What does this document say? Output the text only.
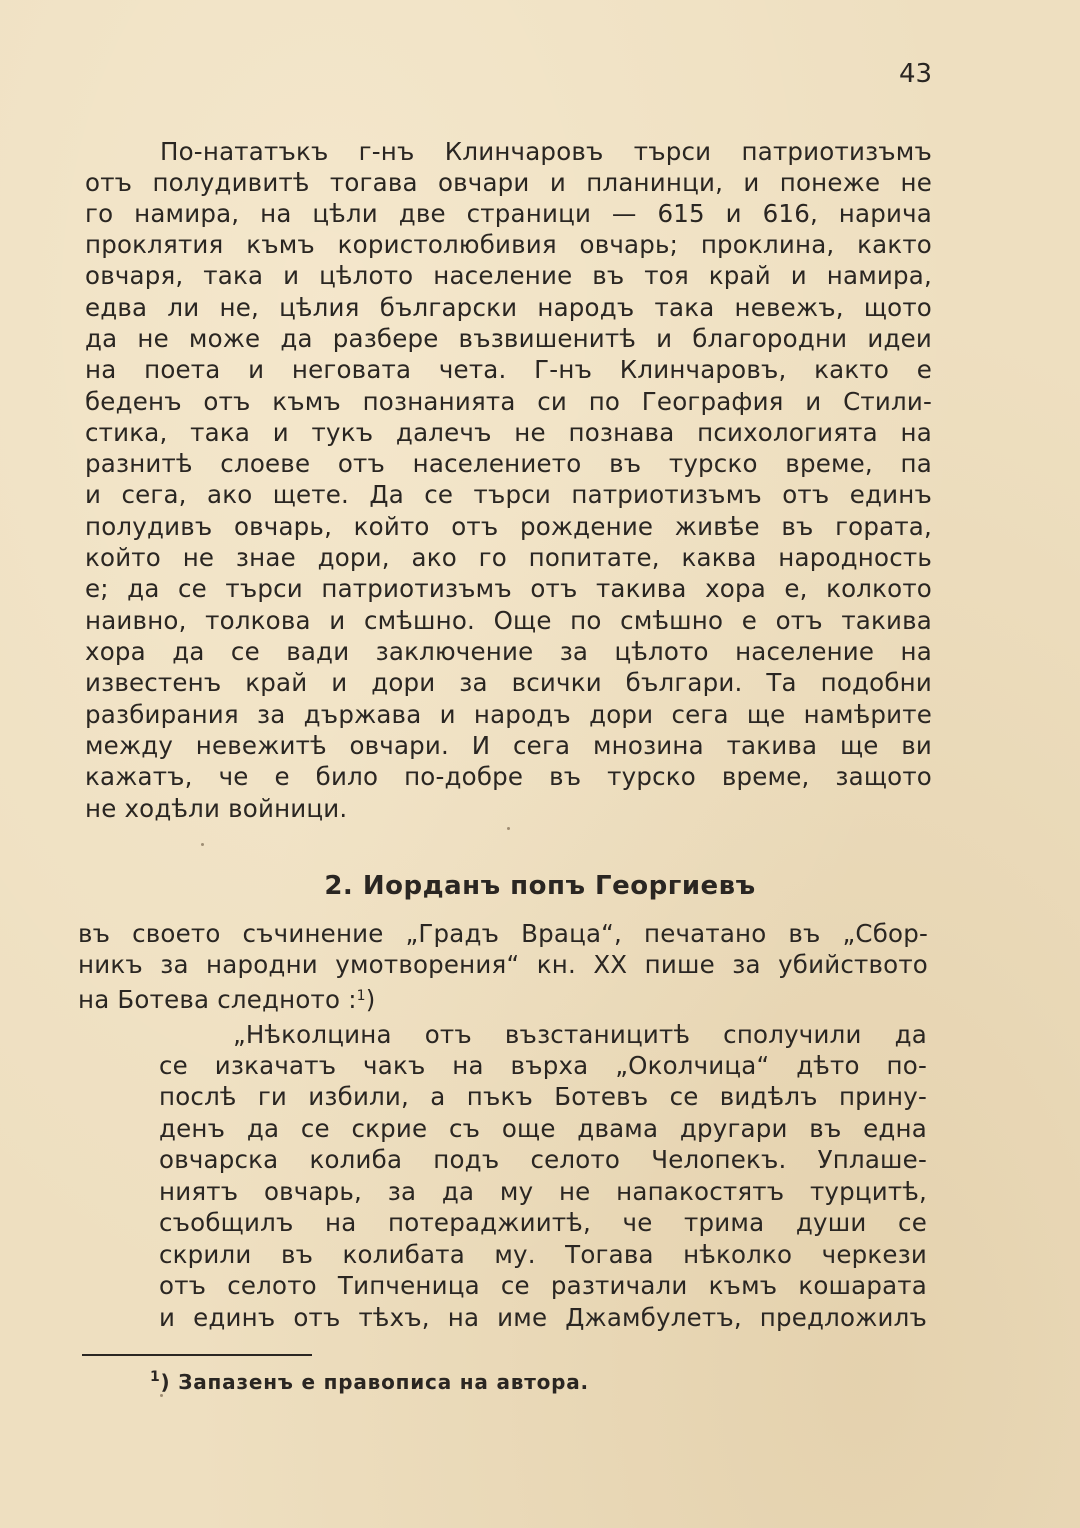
43
По-нататъкъ г-нъ Клинчаровъ търси патриотизъмъ
отъ полудивитѣ тогава овчари и планинци, и понеже не
го намира, на цѣли две страници — 615 и 616, нарича
проклятия къмъ користолюбивия овчарь; проклина, както
овчаря, така и цѣлото население въ тоя край и намира,
едва ли не, цѣлия български народъ така невежъ, щото
да не може да разбере възвишенитѣ и благородни идеи
на поета и неговата чета. Г-нъ Клинчаровъ, както е
беденъ отъ къмъ познанията си по География и Стили-
стика, така и тукъ далечъ не познава психологията на
разнитѣ слоеве отъ населението въ турско време, па
и сега, ако щете. Да се търси патриотизъмъ отъ единъ
полудивъ овчарь, който отъ рождение живѣе въ гората,
който не знае дори, ако го попитате, каква народность
е; да се търси патриотизъмъ отъ такива хора е, колкото
наивно, толкова и смѣшно. Още по смѣшно е отъ такива
хора да се вади заключение за цѣлото население на
известенъ край и дори за всички българи. Та подобни
разбирания за държава и народъ дори сега ще намѣрите
между невежитѣ овчари. И сега мнозина такива ще ви
кажатъ, че е било по-добре въ турско време, защото
не ходѣли войници.
2. Иорданъ попъ Георгиевъ
въ своето съчинение „Градъ Враца“, печатано въ „Сбор-
никъ за народни умотворения“ кн. XX пише за убийството
на Ботева следното :$^1$)
„Нѣколцина отъ възстаницитѣ сполучили да
се изкачатъ чакъ на върха „Околчица“ дѣто по-
послѣ ги избили, а пъкъ Ботевъ се видѣлъ прину-
денъ да се скрие съ още двама другари въ една
овчарска колиба подъ селото Челопекъ. Уплаше-
ниятъ овчарь, за да му не напакостятъ турцитѣ,
съобщилъ на потераджиитѣ, че трима души се
скрили въ колибата му. Тогава нѣколко черкези
отъ селото Типченица се разтичали къмъ кошарата
и единъ отъ тѣхъ, на име Джамбулетъ, предложилъ
$^1$) Запазенъ е правописа на автора.
